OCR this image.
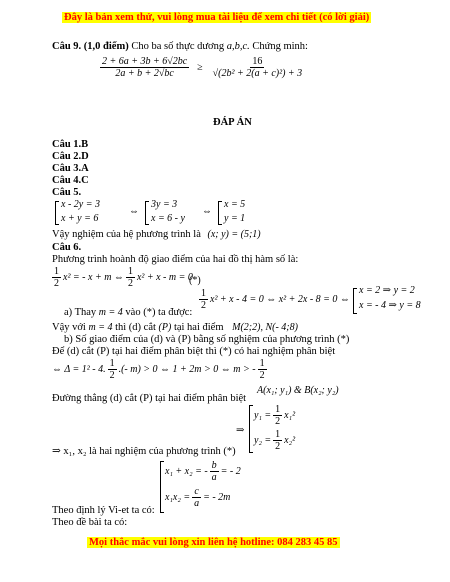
Đây là bản xem thử, vui lòng mua tài liệu để xem chi tiết (có lời giải)
Câu 9. (1,0 điểm) Cho ba số thực dương a,b,c. Chứng minh:
$\frac{2 + 6a + 3b + 6√2bc}{2a + b + 2√bc} \ge \frac{16}{\text{√(2b² + 2(a + c)²) + 3}}$
ĐÁP ÁN
Câu 1.B
Câu 2.D
Câu 3.A
Câu 4.C
Câu 5.
x - 2y = 3
x + y = 6
⇔
3y = 3
x = 6 - y
⇔
x = 5
y = 1
Vậy nghiệm của hệ phương trình là (x; y) = (5;1)
Câu 6.
Phương trình hoành độ giao điểm của hai đồ thị hàm số là:
$\frac{1}{2} x^2$ = - x + m ⇔ $\frac{1}{2} x^2 + x - m = 0$
(*)
a) Thay m = 4 vào (*) ta được:
$\frac{1}{2} x^2 + x - 4 = 0$ ⇔ x² + 2x - 8 = 0 ⇔
x = 2 ⇒ y = 2
x = - 4 ⇒ y = 8
Vậy với m = 4 thì (d) cắt (P) tại hai điểm M(2;2), N(- 4;8)
b) Số giao điểm của (d) và (P) bằng số nghiệm của phương trình (*)
Để (d) cắt (P) tại hai điểm phân biệt thì (*) có hai nghiệm phân biệt
⇔ Δ = 1² - 4. $\frac{1}{2}$ .(- m) > 0 ⇔ 1 + 2m > 0 ⇔ m > - $\frac{1}{2}$
Đường thẳng (d) cắt (P) tại hai điểm phân biệt
A(x₁; y₁) & B(x₂; y₂)
⇒
$y_1 = \frac{1}{2} x_1^2$
$y_2 = \frac{1}{2} x_2^2$
⇒ x₁, x₂ là hai nghiệm của phương trình (*)
x₁ + x₂ = - $\frac{b}{a}$ = - 2
$x_1x_2 = \frac{c}{a}$ = - 2m
Theo định lý Vi-et ta có:
Theo đề bài ta có:
Mọi thắc mắc vui lòng xin liên hệ hotline: 084 283 45 85
